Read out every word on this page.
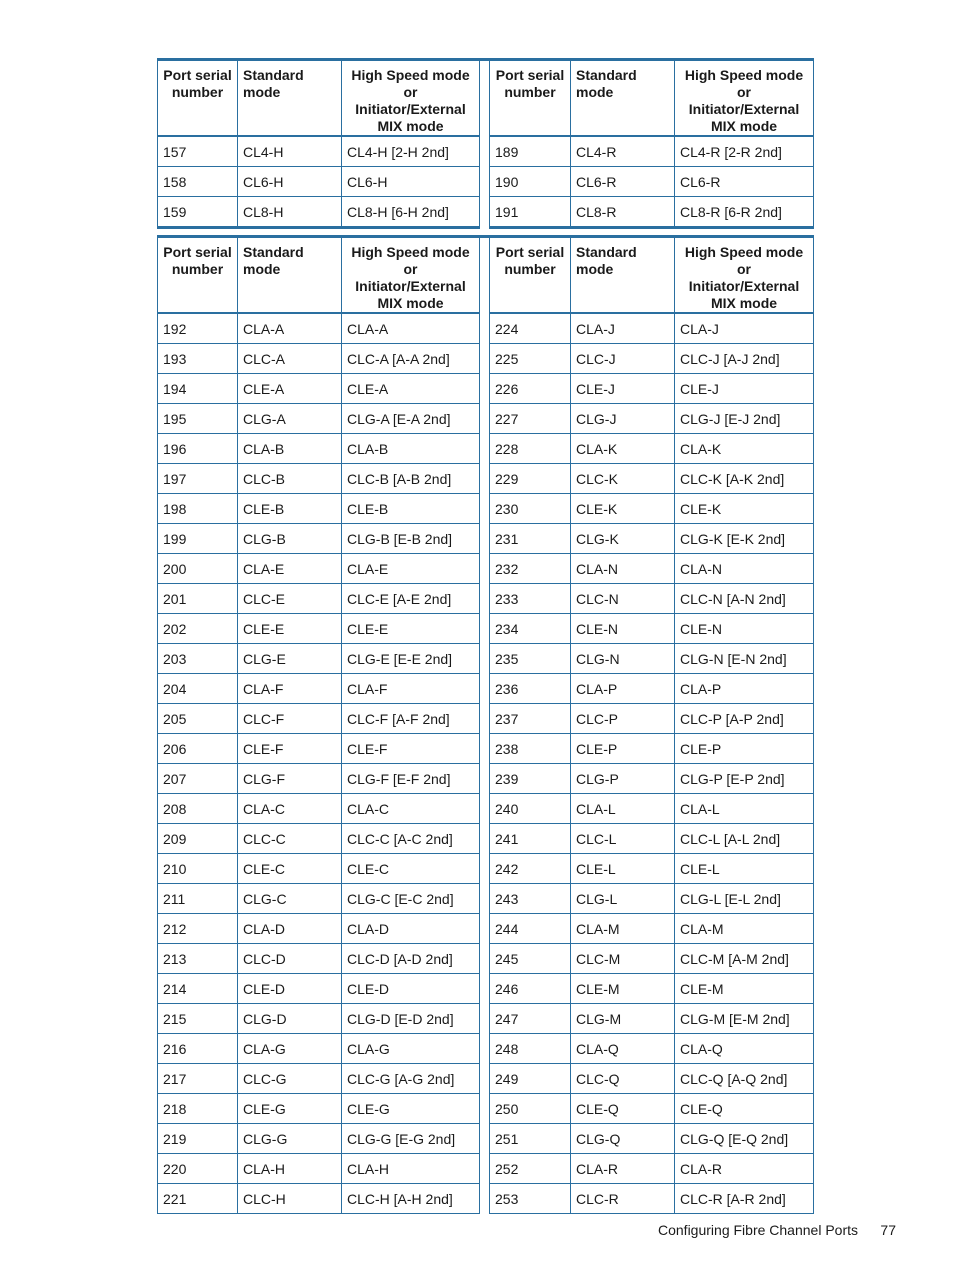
Port serial number	Standard mode	High Speed mode or Initiator/External MIX mode		Port serial number	Standard mode	High Speed mode or Initiator/External MIX mode
157	CL4-H	CL4-H [2-H 2nd]		189	CL4-R	CL4-R [2-R 2nd]
158	CL6-H	CL6-H		190	CL6-R	CL6-R
159	CL8-H	CL8-H [6-H 2nd]		191	CL8-R	CL8-R [6-R 2nd]
Port serial number	Standard mode	High Speed mode or Initiator/External MIX mode		Port serial number	Standard mode	High Speed mode or Initiator/External MIX mode
192	CLA-A	CLA-A		224	CLA-J	CLA-J
193	CLC-A	CLC-A [A-A 2nd]		225	CLC-J	CLC-J [A-J 2nd]
194	CLE-A	CLE-A		226	CLE-J	CLE-J
195	CLG-A	CLG-A [E-A 2nd]		227	CLG-J	CLG-J [E-J 2nd]
196	CLA-B	CLA-B		228	CLA-K	CLA-K
197	CLC-B	CLC-B [A-B 2nd]		229	CLC-K	CLC-K [A-K 2nd]
198	CLE-B	CLE-B		230	CLE-K	CLE-K
199	CLG-B	CLG-B [E-B 2nd]		231	CLG-K	CLG-K [E-K 2nd]
200	CLA-E	CLA-E		232	CLA-N	CLA-N
201	CLC-E	CLC-E [A-E 2nd]		233	CLC-N	CLC-N [A-N 2nd]
202	CLE-E	CLE-E		234	CLE-N	CLE-N
203	CLG-E	CLG-E [E-E 2nd]		235	CLG-N	CLG-N [E-N 2nd]
204	CLA-F	CLA-F		236	CLA-P	CLA-P
205	CLC-F	CLC-F [A-F 2nd]		237	CLC-P	CLC-P [A-P 2nd]
206	CLE-F	CLE-F		238	CLE-P	CLE-P
207	CLG-F	CLG-F [E-F 2nd]		239	CLG-P	CLG-P [E-P 2nd]
208	CLA-C	CLA-C		240	CLA-L	CLA-L
209	CLC-C	CLC-C [A-C 2nd]		241	CLC-L	CLC-L [A-L 2nd]
210	CLE-C	CLE-C		242	CLE-L	CLE-L
211	CLG-C	CLG-C [E-C 2nd]		243	CLG-L	CLG-L [E-L 2nd]
212	CLA-D	CLA-D		244	CLA-M	CLA-M
213	CLC-D	CLC-D [A-D 2nd]		245	CLC-M	CLC-M [A-M 2nd]
214	CLE-D	CLE-D		246	CLE-M	CLE-M
215	CLG-D	CLG-D [E-D 2nd]		247	CLG-M	CLG-M [E-M 2nd]
216	CLA-G	CLA-G		248	CLA-Q	CLA-Q
217	CLC-G	CLC-G [A-G 2nd]		249	CLC-Q	CLC-Q [A-Q 2nd]
218	CLE-G	CLE-G		250	CLE-Q	CLE-Q
219	CLG-G	CLG-G [E-G 2nd]		251	CLG-Q	CLG-Q [E-Q 2nd]
220	CLA-H	CLA-H		252	CLA-R	CLA-R
221	CLC-H	CLC-H [A-H 2nd]		253	CLC-R	CLC-R [A-R 2nd]
Configuring Fibre Channel Ports 77
